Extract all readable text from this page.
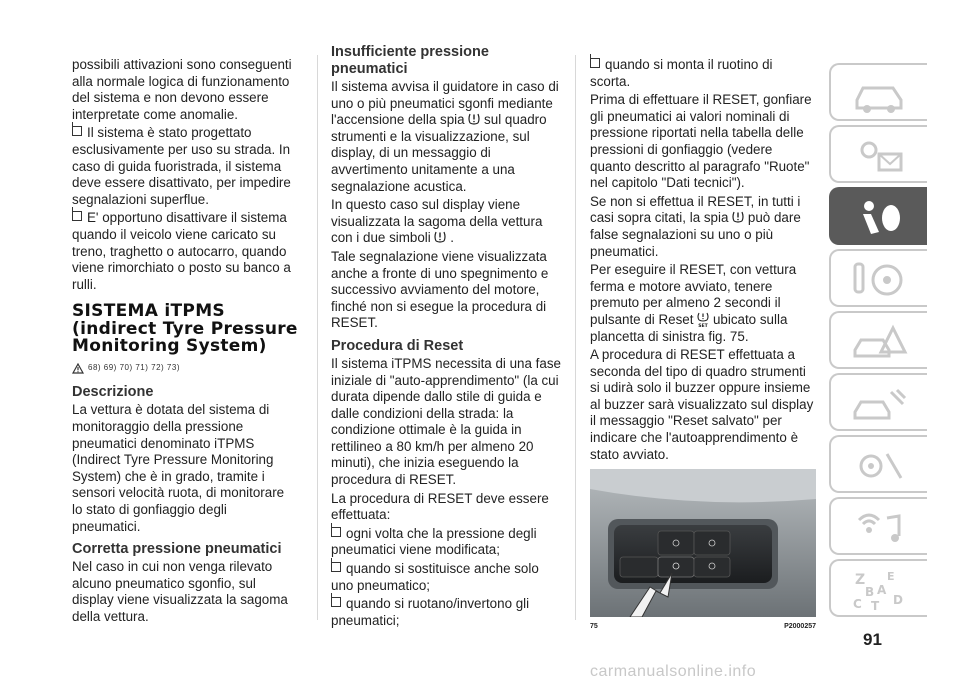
possibili attivazioni sono conseguenti alla normale logica di funzionamento del sistema e non devono essere interpretate come anomalie.

Il sistema è stato progettato esclusivamente per uso su strada. In caso di guida fuoristrada, il sistema deve essere disattivato, per impedire segnalazioni superflue.

E' opportuno disattivare il sistema quando il veicolo viene caricato su treno, traghetto o autocarro, quando viene rimorchiato o posto su banco a rulli.

SISTEMA iTPMS (indirect Tyre Pressure Monitoring System)
68) 69) 70) 71) 72) 73)
Descrizione

La vettura è dotata del sistema di monitoraggio della pressione pneumatici denominato iTPMS (Indirect Tyre Pressure Monitoring System) che è in grado, tramite i sensori velocità ruota, di monitorare lo stato di gonfiaggio degli pneumatici.

Corretta pressione pneumatici

Nel caso in cui non venga rilevato alcuno pneumatico sgonfio, sul display viene visualizzata la sagoma della vettura.

Insufficiente pressione pneumatici

Il sistema avvisa il guidatore in caso di uno o più pneumatici sgonfi mediante l'accensione della spia sul quadro strumenti e la visualizzazione, sul display, di un messaggio di avvertimento unitamente a una segnalazione acustica.

In questo caso sul display viene visualizzata la sagoma della vettura con i due simboli .

Tale segnalazione viene visualizzata anche a fronte di uno spegnimento e successivo avviamento del motore, finché non si esegue la procedura di RESET.

Procedura di Reset

Il sistema iTPMS necessita di una fase iniziale di "auto-apprendimento" (la cui durata dipende dallo stile di guida e dalle condizioni della strada: la condizione ottimale è la guida in rettilineo a 80 km/h per almeno 20 minuti), che inizia eseguendo la procedura di RESET.

La procedura di RESET deve essere effettuata:

ogni volta che la pressione degli pneumatici viene modificata;

quando si sostituisce anche solo uno pneumatico;

quando si ruotano/invertono gli pneumatici;

quando si monta il ruotino di scorta.

Prima di effettuare il RESET, gonfiare gli pneumatici ai valori nominali di pressione riportati nella tabella delle pressioni di gonfiaggio (vedere quanto descritto al paragrafo "Ruote" nel capitolo "Dati tecnici").

Se non si effettua il RESET, in tutti i casi sopra citati, la spia può dare false segnalazioni su uno o più pneumatici.

Per eseguire il RESET, con vettura ferma e motore avviato, tenere premuto per almeno 2 secondi il pulsante di Reset SET ubicato sulla plancetta di sinistra fig. 75.

A procedura di RESET effettuata a seconda del tipo di quadro strumenti si udirà solo il buzzer oppure insieme al buzzer sarà visualizzato sul display il messaggio "Reset salvato" per indicare che l'autoapprendimento è stato avviato.

75	P2000257
91
carmanualsonline.info
Z E
B A
C T D
